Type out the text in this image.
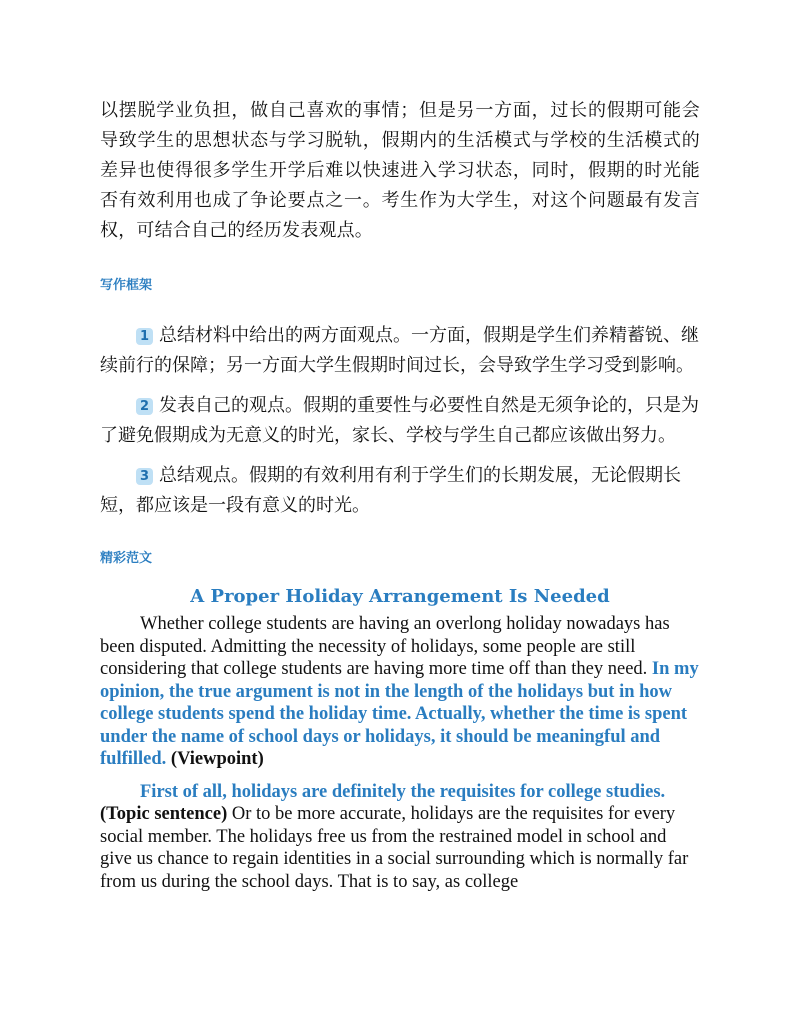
以摆脱学业负担，做自己喜欢的事情；但是另一方面，过长的假期可能会导致学生的思想状态与学习脱轨，假期内的生活模式与学校的生活模式的差异也使得很多学生开学后难以快速进入学习状态，同时，假期的时光能否有效利用也成了争论要点之一。考生作为大学生，对这个问题最有发言权，可结合自己的经历发表观点。

写作框架

1 总结材料中给出的两方面观点。一方面，假期是学生们养精蓄锐、继续前行的保障；另一方面大学生假期时间过长，会导致学生学习受到影响。

2 发表自己的观点。假期的重要性与必要性自然是无须争论的，只是为了避免假期成为无意义的时光，家长、学校与学生自己都应该做出努力。

3 总结观点。假期的有效利用有利于学生们的长期发展，无论假期长短，都应该是一段有意义的时光。

精彩范文

A Proper Holiday Arrangement Is Needed

Whether college students are having an overlong holiday nowadays has been disputed. Admitting the necessity of holidays, some people are still considering that college students are having more time off than they need. In my opinion, the true argument is not in the length of the holidays but in how college students spend the holiday time. Actually, whether the time is spent under the name of school days or holidays, it should be meaningful and fulfilled. (Viewpoint)

First of all, holidays are definitely the requisites for college studies. (Topic sentence) Or to be more accurate, holidays are the requisites for every social member. The holidays free us from the restrained model in school and give us chance to regain identities in a social surrounding which is normally far from us during the school days. That is to say, as college
